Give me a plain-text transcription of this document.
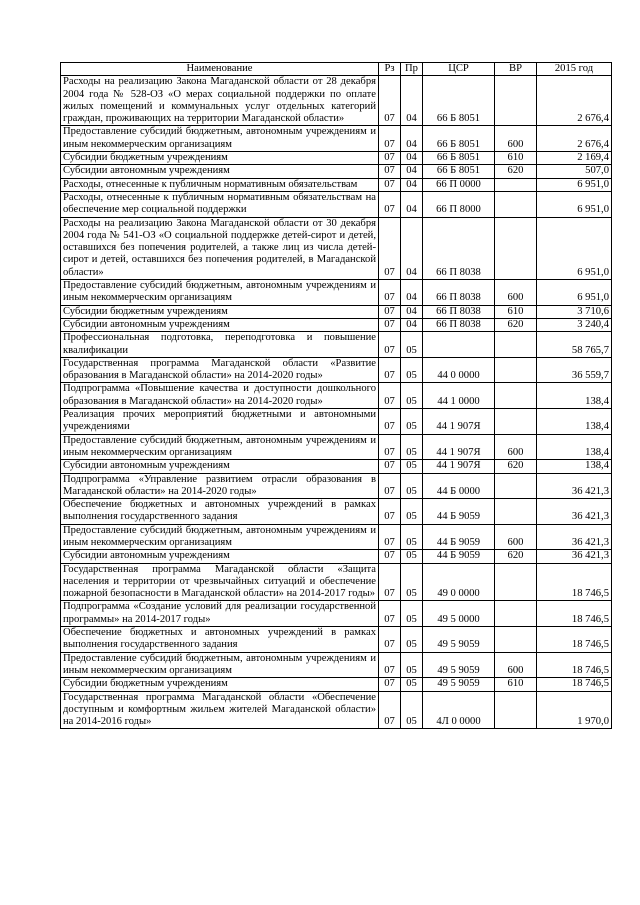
Наименование	Рз	Пр	ЦСР	ВР	2015 год
Расходы на реализацию Закона Магаданской области от 28 декабря 2004 года № 528-ОЗ «О мерах социальной поддержки по оплате жилых помещений и коммунальных услуг отдельных категорий граждан, проживающих на территории Магаданской области»	07	04	66 Б 8051		2 676,4
Предоставление субсидий бюджетным, автономным учреждениям и иным некоммерческим организациям	07	04	66 Б 8051	600	2 676,4
Субсидии бюджетным учреждениям	07	04	66 Б 8051	610	2 169,4
Субсидии автономным учреждениям	07	04	66 Б 8051	620	507,0
Расходы, отнесенные к публичным нормативным обязательствам	07	04	66 П 0000		6 951,0
Расходы, отнесенные к публичным нормативным обязательствам на обеспечение мер социальной поддержки	07	04	66 П 8000		6 951,0
Расходы на реализацию Закона Магаданской области от 30 декабря 2004 года № 541-ОЗ «О социальной поддержке детей-сирот и детей, оставшихся без попечения родителей, а также лиц из числа детей-сирот и детей, оставшихся без попечения родителей, в Магаданской области»	07	04	66 П 8038		6 951,0
Предоставление субсидий бюджетным, автономным учреждениям и иным некоммерческим организациям	07	04	66 П 8038	600	6 951,0
Субсидии бюджетным учреждениям	07	04	66 П 8038	610	3 710,6
Субсидии автономным учреждениям	07	04	66 П 8038	620	3 240,4
Профессиональная подготовка, переподготовка и повышение квалификации	07	05			58 765,7
Государственная программа Магаданской области «Развитие образования в Магаданской области» на 2014-2020 годы»	07	05	44 0 0000		36 559,7
Подпрограмма «Повышение качества и доступности дошкольного образования в Магаданской области» на 2014-2020 годы»	07	05	44 1 0000		138,4
Реализация прочих мероприятий бюджетными и автономными учреждениями	07	05	44 1 907Я		138,4
Предоставление субсидий бюджетным, автономным учреждениям и иным некоммерческим организациям	07	05	44 1 907Я	600	138,4
Субсидии автономным учреждениям	07	05	44 1 907Я	620	138,4
Подпрограмма «Управление развитием отрасли образования в Магаданской области» на 2014-2020 годы»	07	05	44 Б 0000		36 421,3
Обеспечение бюджетных и автономных учреждений в рамках выполнения государственного задания	07	05	44 Б 9059		36 421,3
Предоставление субсидий бюджетным, автономным учреждениям и иным некоммерческим организациям	07	05	44 Б 9059	600	36 421,3
Субсидии автономным учреждениям	07	05	44 Б 9059	620	36 421,3
Государственная программа Магаданской области «Защита населения и территории от чрезвычайных ситуаций и обеспечение пожарной безопасности в Магаданской области» на 2014-2017 годы»	07	05	49 0 0000		18 746,5
Подпрограмма «Создание условий для реализации государственной программы» на 2014-2017 годы»	07	05	49 5 0000		18 746,5
Обеспечение бюджетных и автономных учреждений в рамках выполнения государственного задания	07	05	49 5 9059		18 746,5
Предоставление субсидий бюджетным, автономным учреждениям и иным некоммерческим организациям	07	05	49 5 9059	600	18 746,5
Субсидии бюджетным учреждениям	07	05	49 5 9059	610	18 746,5
Государственная программа Магаданской области «Обеспечение доступным и комфортным жильем жителей Магаданской области» на 2014-2016 годы»	07	05	4Л 0 0000		1 970,0
